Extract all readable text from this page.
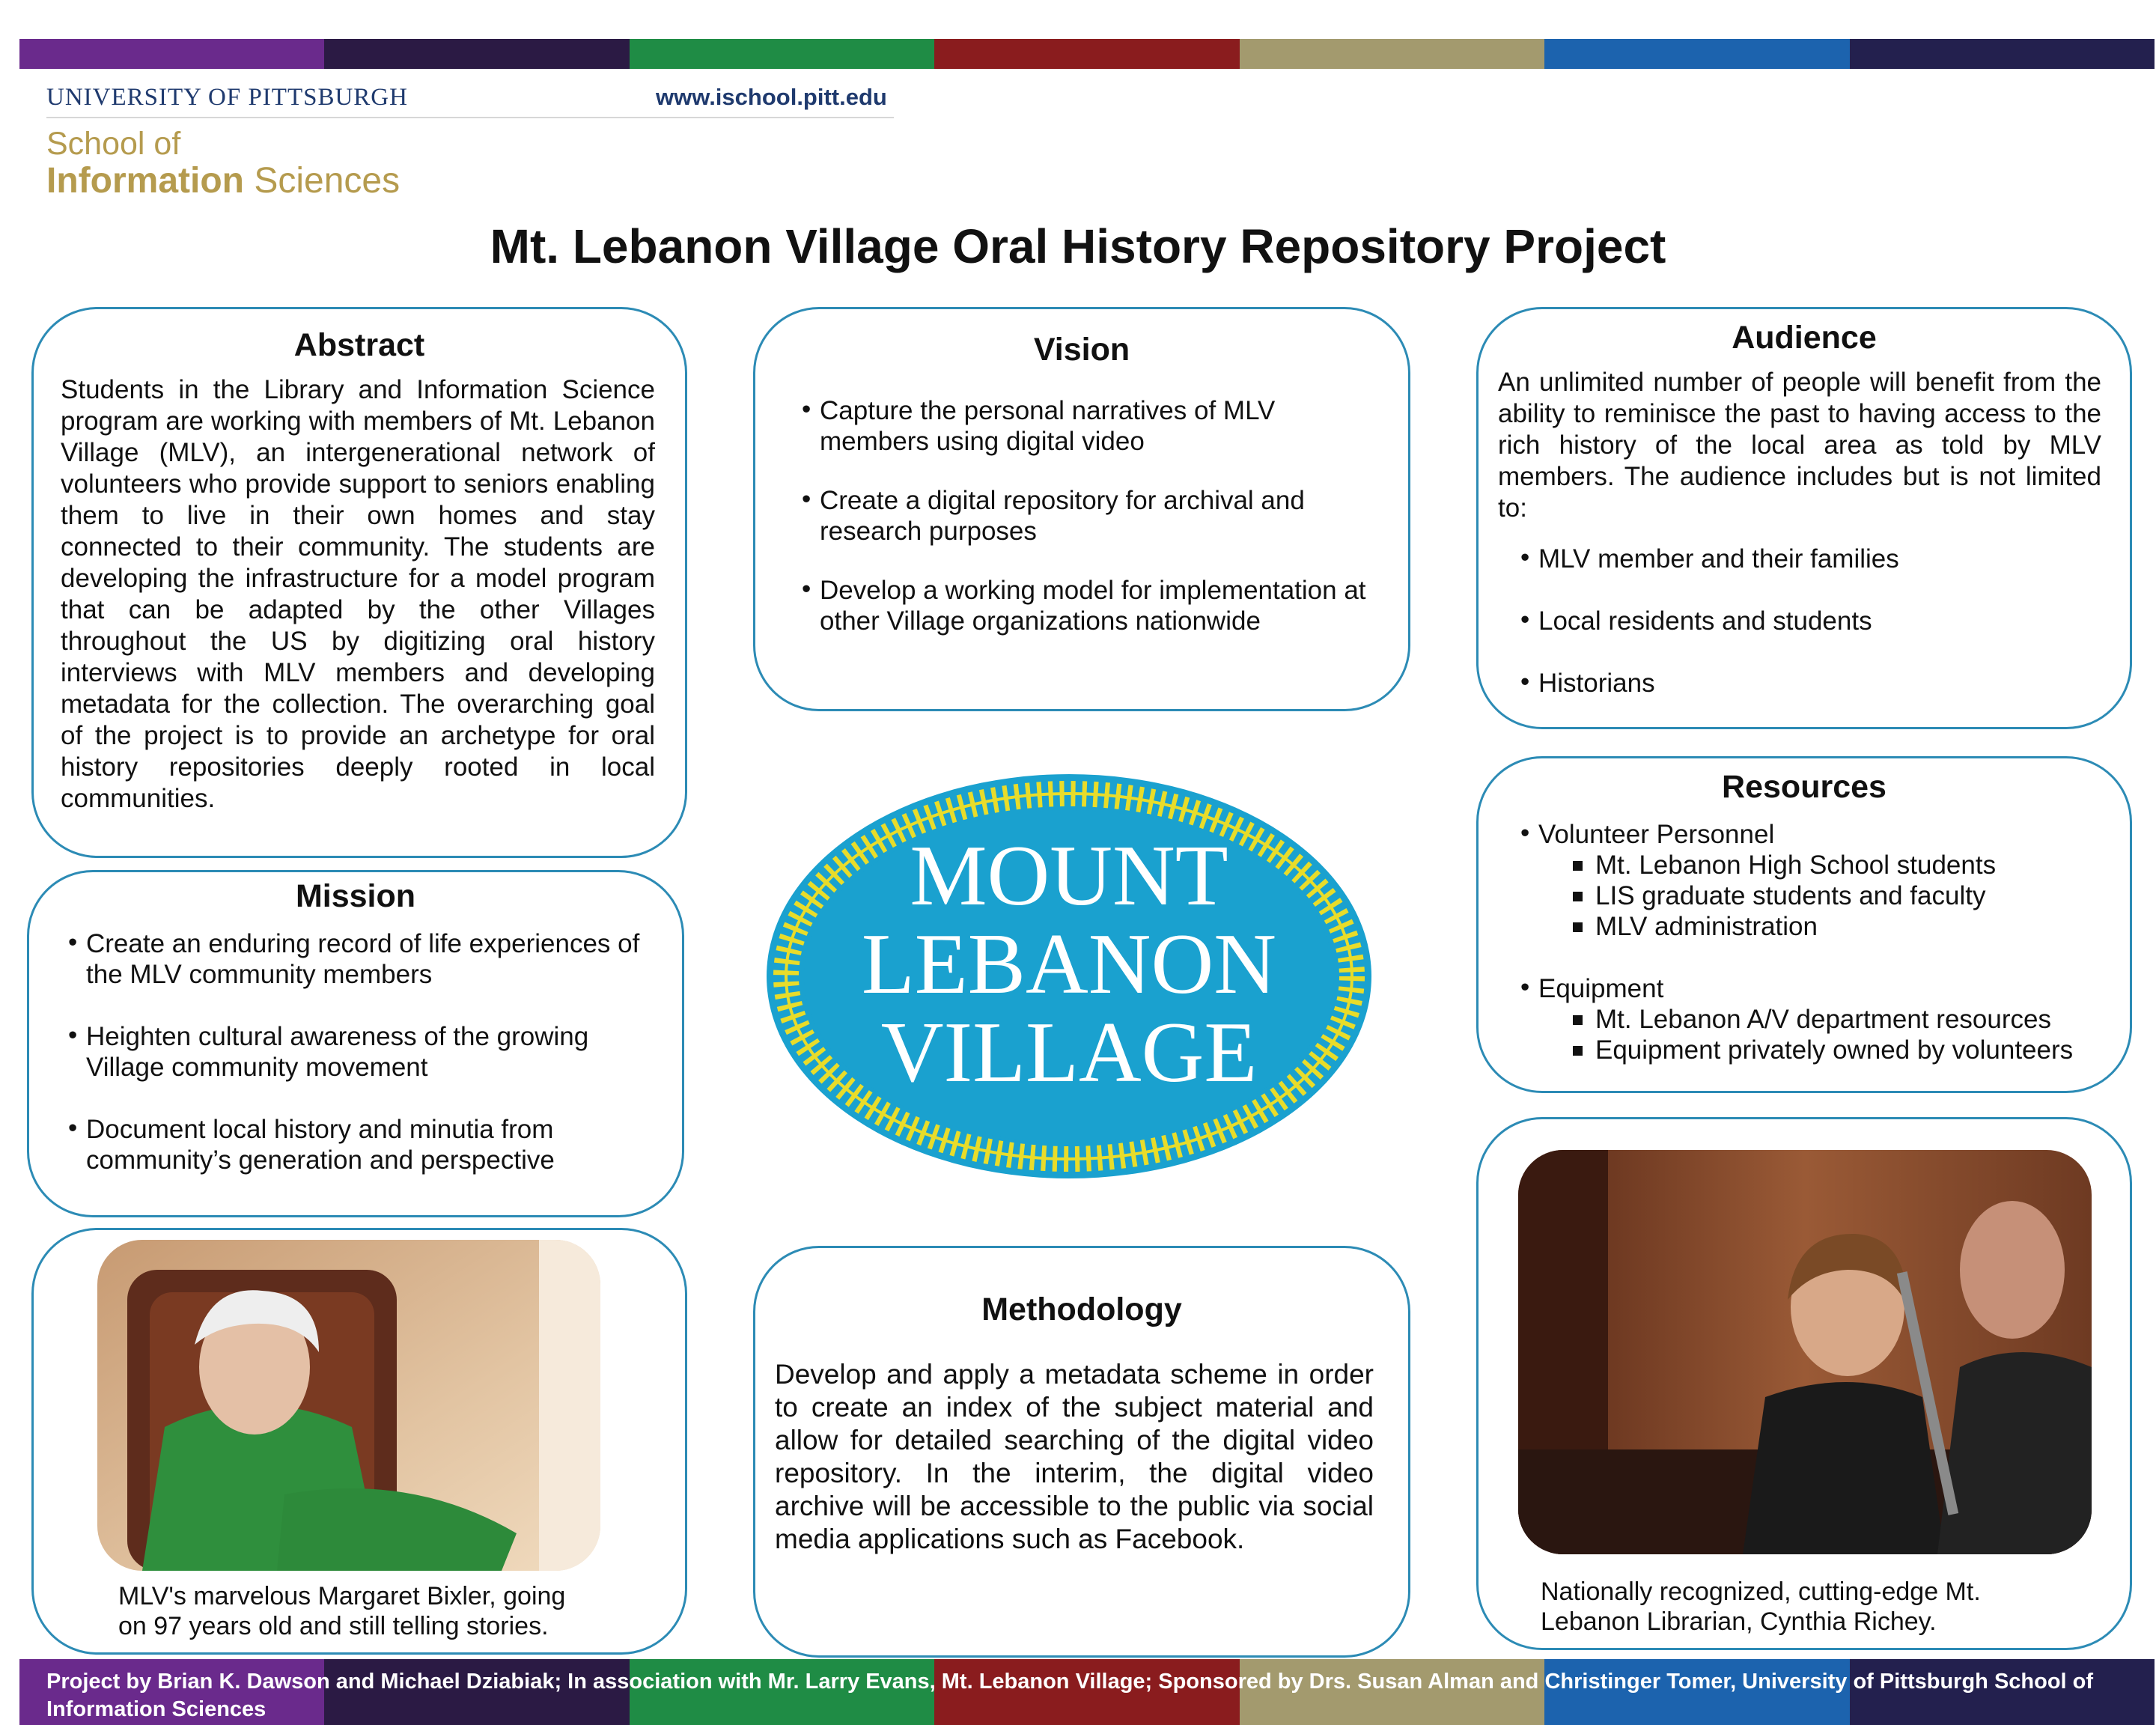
UNIVERSITY OF PITTSBURGH	www.ischool.pitt.edu
School of
Information Sciences
Mt. Lebanon Village Oral History Repository Project
Abstract
Students in the Library and Information Science program are working with members of Mt. Lebanon Village (MLV), an intergenerational network of volunteers who provide support to seniors enabling them to live in their own homes and stay connected to their community. The students are developing the infrastructure for a model program that can be adapted by the other Villages throughout the US by digitizing oral history interviews with MLV members and developing metadata for the collection. The overarching goal of the project is to provide an archetype for oral history repositories deeply rooted in local communities.
Vision
• Capture the personal narratives of MLV members using digital video
• Create a digital repository for archival and research purposes
• Develop a working model for implementation at other Village organizations nationwide
Audience
An unlimited number of people will benefit from the ability to reminisce the past to having access to the rich history of the local area as told by MLV members. The audience includes but is not limited to:
• MLV member and their families
• Local residents and students
• Historians
Mission
• Create an enduring record of life experiences of the MLV community members
• Heighten cultural awareness of the growing Village community movement
• Document local history and minutia from community’s generation and perspective
MOUNT
LEBANON
VILLAGE
Resources
• Volunteer Personnel
Mt. Lebanon High School students
LIS graduate students and faculty
MLV administration
• Equipment
Mt. Lebanon A/V department resources
Equipment privately owned by volunteers
MLV's marvelous Margaret Bixler, going
on 97 years old and still telling stories.
Methodology
Develop and apply a metadata scheme in order to create an index of the subject material and allow for detailed searching of the digital video repository. In the interim, the digital video archive will be accessible to the public via social media applications such as Facebook.
Nationally recognized, cutting-edge Mt.
Lebanon Librarian, Cynthia Richey.
Project by Brian K. Dawson and Michael Dziabiak; In association with Mr. Larry Evans, Mt. Lebanon Village; Sponsored by Drs. Susan Alman and Christinger Tomer, University of Pittsburgh School of Information Sciences
